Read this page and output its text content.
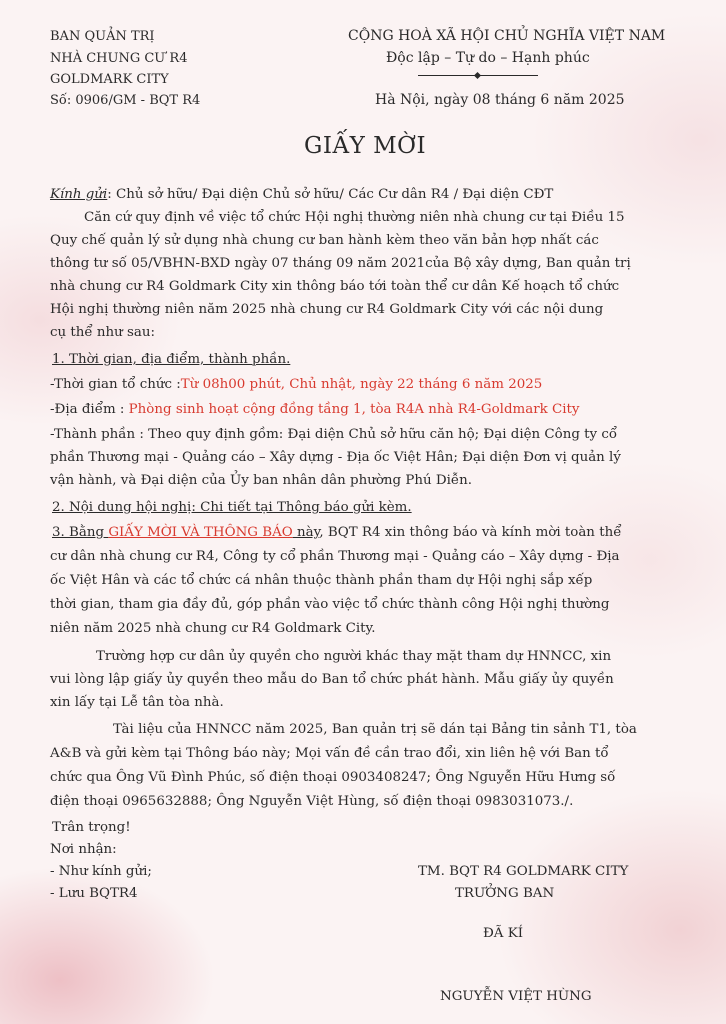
BAN QUẢN TRỊ
NHÀ CHUNG CƯ R4
GOLDMARK CITY
Số: 0906/GM - BQT R4
CỘNG HOÀ XÃ HỘI CHỦ NGHĨA VIỆT NAM
Độc lập – Tự do – Hạnh phúc
Hà Nội, ngày 08 tháng 6 năm 2025
GIẤY MỜI
Kính gửi: Chủ sở hữu/ Đại diện Chủ sở hữu/ Các Cư dân R4 / Đại diện CĐT
Căn cứ quy định về việc tổ chức Hội nghị thường niên nhà chung cư tại Điều 15
Quy chế quản lý sử dụng nhà chung cư ban hành kèm theo văn bản hợp nhất các
thông tư số 05/VBHN-BXD ngày 07 tháng 09 năm 2021của Bộ xây dựng, Ban quản trị
nhà chung cư R4 Goldmark City xin thông báo tới toàn thể cư dân Kế hoạch tổ chức
Hội nghị thường niên năm 2025 nhà chung cư R4 Goldmark City với các nội dung
cụ thể như sau:
1. Thời gian, địa điểm, thành phần.
-Thời gian tổ chức :Từ 08h00 phút, Chủ nhật, ngày 22 tháng 6 năm 2025
-Địa điểm : Phòng sinh hoạt cộng đồng tầng 1, tòa R4A nhà R4-Goldmark City
-Thành phần : Theo quy định gồm: Đại diện Chủ sở hữu căn hộ; Đại diện Công ty cổ
phần Thương mại - Quảng cáo – Xây dựng - Địa ốc Việt Hân; Đại diện Đơn vị quản lý
vận hành, và Đại diện của Ủy ban nhân dân phường Phú Diễn.
2. Nội dung hội nghị: Chi tiết tại Thông báo gửi kèm.
3. Bằng GIẤY MỜI VÀ THÔNG BÁO này, BQT R4 xin thông báo và kính mời toàn thể
cư dân nhà chung cư R4, Công ty cổ phần Thương mại - Quảng cáo – Xây dựng - Địa
ốc Việt Hân và các tổ chức cá nhân thuộc thành phần tham dự Hội nghị sắp xếp
thời gian, tham gia đầy đủ, góp phần vào việc tổ chức thành công Hội nghị thường
niên năm 2025 nhà chung cư R4 Goldmark City.
Trường hợp cư dân ủy quyền cho người khác thay mặt tham dự HNNCC, xin
vui lòng lập giấy ủy quyền theo mẫu do Ban tổ chức phát hành. Mẫu giấy ủy quyền
xin lấy tại Lễ tân tòa nhà.
Tài liệu của HNNCC năm 2025, Ban quản trị sẽ dán tại Bảng tin sảnh T1, tòa
A&B và gửi kèm tại Thông báo này; Mọi vấn đề cần trao đổi, xin liên hệ với Ban tổ
chức qua Ông Vũ Đình Phúc, số điện thoại 0903408247; Ông Nguyễn Hữu Hưng số
điện thoại 0965632888; Ông Nguyễn Việt Hùng, số điện thoại 0983031073./.
Trân trọng!
Nơi nhận:
- Như kính gửi;
- Lưu BQTR4
TM. BQT R4 GOLDMARK CITY
TRƯỞNG BAN
ĐÃ KÍ
NGUYỄN VIỆT HÙNG
